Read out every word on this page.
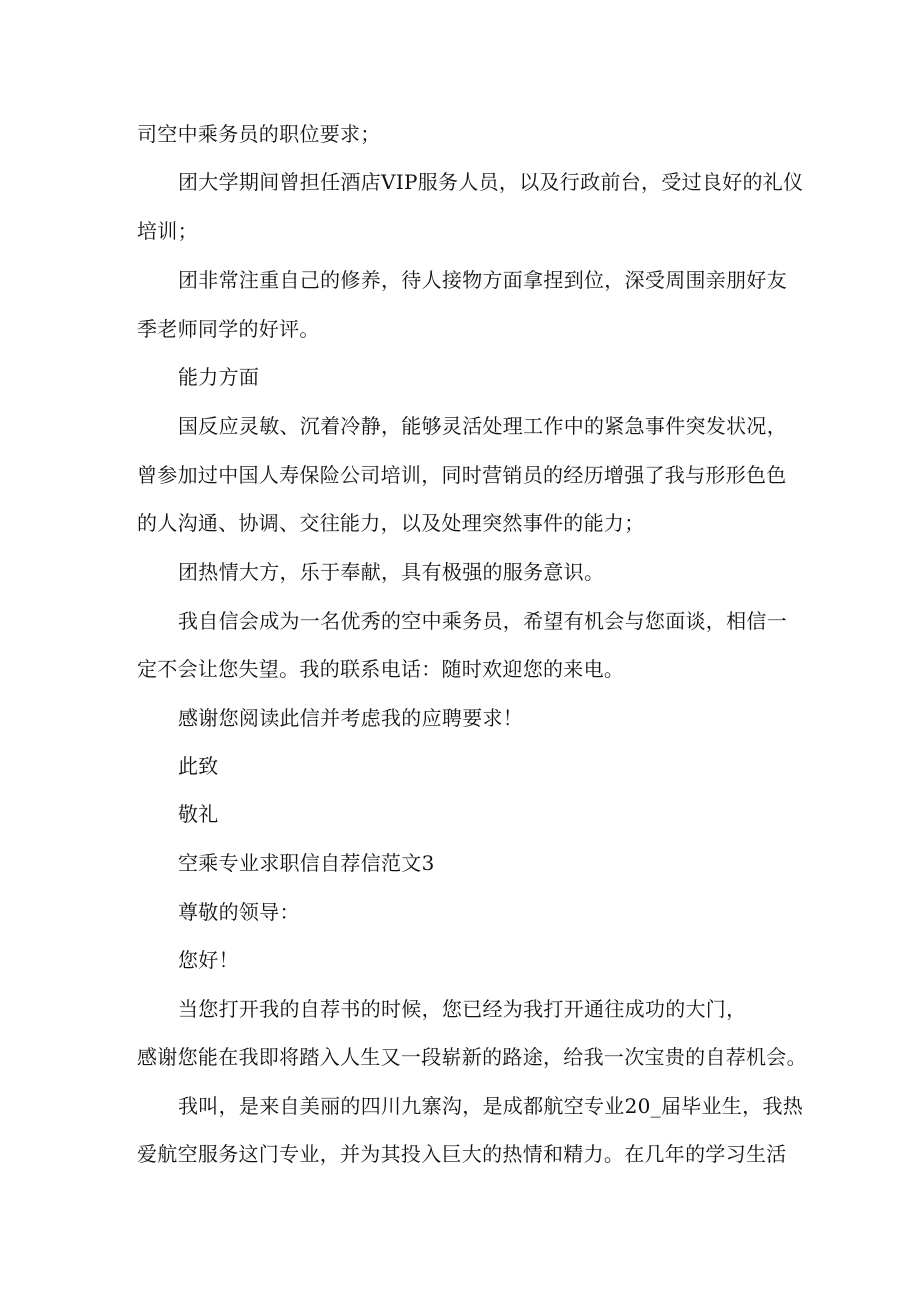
司空中乘务员的职位要求；
团大学期间曾担任酒店VIP服务人员，以及行政前台，受过良好的礼仪
培训；
团非常注重自己的修养，待人接物方面拿捏到位，深受周围亲朋好友
季老师同学的好评。
能力方面
国反应灵敏、沉着冷静，能够灵活处理工作中的紧急事件突发状况，
曾参加过中国人寿保险公司培训，同时营销员的经历增强了我与形形色色
的人沟通、协调、交往能力，以及处理突然事件的能力；
团热情大方，乐于奉献，具有极强的服务意识。
我自信会成为一名优秀的空中乘务员，希望有机会与您面谈，相信一
定不会让您失望。我的联系电话：随时欢迎您的来电。
感谢您阅读此信并考虑我的应聘要求！
此致
敬礼
空乘专业求职信自荐信范文3
尊敬的领导：
您好！
当您打开我的自荐书的时候，您已经为我打开通往成功的大门，
感谢您能在我即将踏入人生又一段崭新的路途，给我一次宝贵的自荐机会。
我叫，是来自美丽的四川九寨沟，是成都航空专业20_届毕业生，我热
爱航空服务这门专业，并为其投入巨大的热情和精力。在几年的学习生活
